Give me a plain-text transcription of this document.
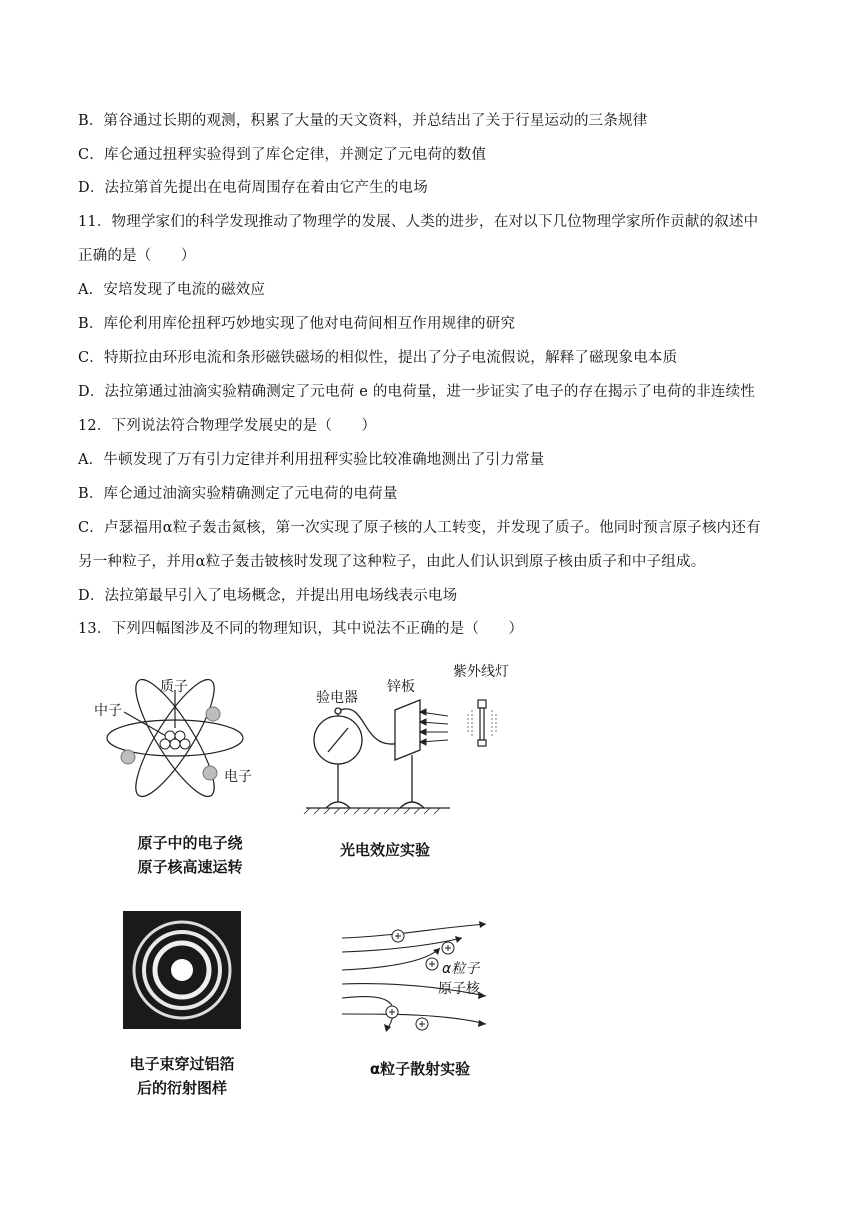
B．第谷通过长期的观测，积累了大量的天文资料，并总结出了关于行星运动的三条规律
C．库仑通过扭秤实验得到了库仑定律，并测定了元电荷的数值
D．法拉第首先提出在电荷周围存在着由它产生的电场
11．物理学家们的科学发现推动了物理学的发展、人类的进步，在对以下几位物理学家所作贡献的叙述中
正确的是（　　）
A．安培发现了电流的磁效应
B．库伦利用库伦扭秤巧妙地实现了他对电荷间相互作用规律的研究
C．特斯拉由环形电流和条形磁铁磁场的相似性，提出了分子电流假说，解释了磁现象电本质
D．法拉第通过油滴实验精确测定了元电荷 e 的电荷量，进一步证实了电子的存在揭示了电荷的非连续性
12．下列说法符合物理学发展史的是（　　）
A．牛顿发现了万有引力定律并利用扭秤实验比较准确地测出了引力常量
B．库仑通过油滴实验精确测定了元电荷的电荷量
C．卢瑟福用α粒子轰击氮核，第一次实现了原子核的人工转变，并发现了质子。他同时预言原子核内还有
另一种粒子，并用α粒子轰击铍核时发现了这种粒子，由此人们认识到原子核由质子和中子组成。
D．法拉第最早引入了电场概念，并提出用电场线表示电场
13．下列四幅图涉及不同的物理知识，其中说法不正确的是（　　）
质子
中子
电子
原子中的电子绕
原子核高速运转
验电器
锌板
紫外线灯
光电效应实验
电子束穿过铝箔
后的衍射图样
α粒子
原子核
α粒子散射实验
